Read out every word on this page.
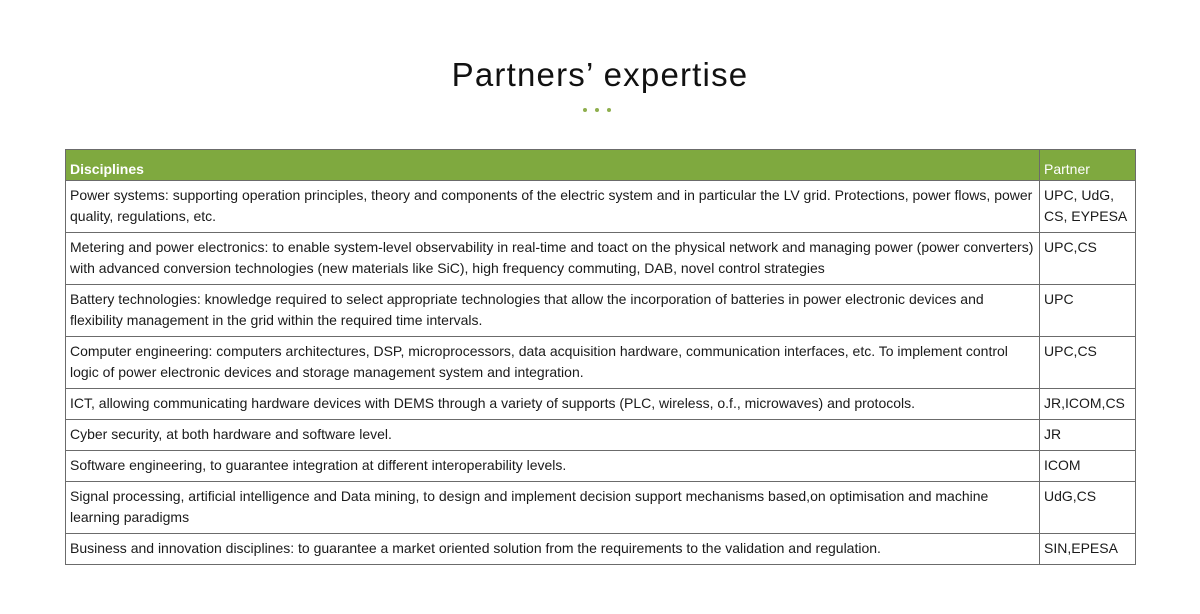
Partners’ expertise
Disciplines	Partner
Power systems: supporting operation principles, theory and components of the electric system and in particular the LV grid. Protections, power flows, power quality, regulations, etc.	UPC, UdG, CS, EYPESA
Metering and power electronics: to enable system-level observability in real-time and toact on the physical network and managing power (power converters) with advanced conversion technologies (new materials like SiC), high frequency commuting, DAB, novel control strategies	UPC,CS
Battery technologies: knowledge required to select appropriate technologies that allow the incorporation of batteries in power electronic devices and flexibility management in the grid within the required time intervals.	UPC
Computer engineering: computers architectures, DSP, microprocessors, data acquisition hardware, communication interfaces, etc. To implement control logic of power electronic devices and storage management system and integration.	UPC,CS
ICT, allowing communicating hardware devices with DEMS through a variety of supports (PLC, wireless, o.f., microwaves) and protocols.	JR,ICOM,CS
Cyber security, at both hardware and software level.	JR
Software engineering, to guarantee integration at different interoperability levels.	ICOM
Signal processing, artificial intelligence and Data mining, to design and implement decision support mechanisms based,on optimisation and machine learning paradigms	UdG,CS
Business and innovation disciplines: to guarantee a market oriented solution from the requirements to the validation and regulation.	SIN,EPESA
